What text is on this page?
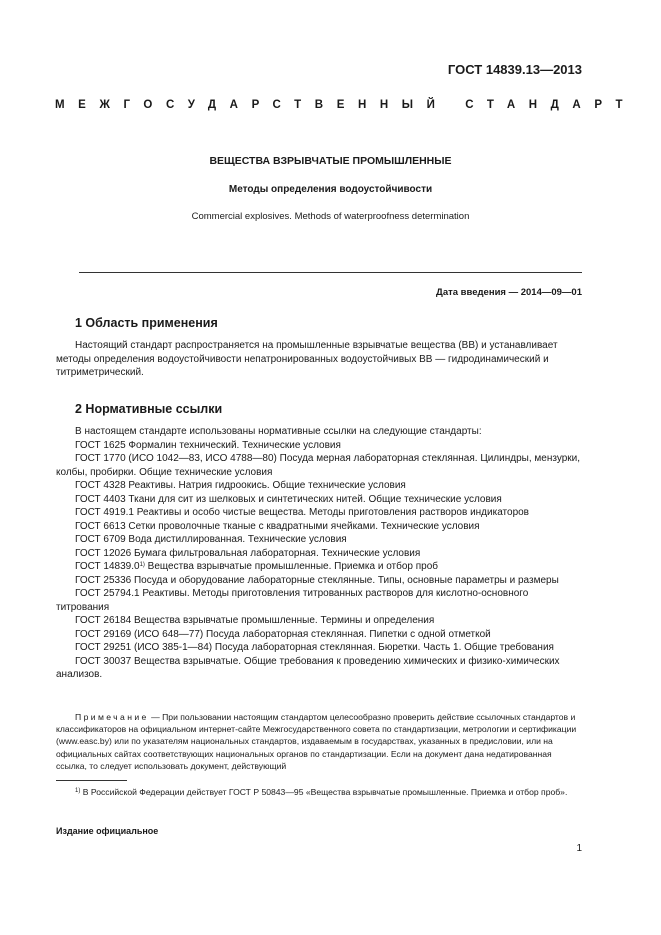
ГОСТ 14839.13—2013
МЕЖГОСУДАРСТВЕННЫЙ СТАНДАРТ

ВЕЩЕСТВА ВЗРЫВЧАТЫЕ ПРОМЫШЛЕННЫЕ

Методы определения водоустойчивости

Commercial explosives. Methods of waterproofness determination

Дата введения — 2014—09—01
1 Область применения

Настоящий стандарт распространяется на промышленные взрывчатые вещества (ВВ) и устанавливает методы определения водоустойчивости непатронированных водоустойчивых ВВ — гидродинамический и титриметрический.

2 Нормативные ссылки

В настоящем стандарте использованы нормативные ссылки на следующие стандарты:

ГОСТ 1625 Формалин технический. Технические условия

ГОСТ 1770 (ИСО 1042—83, ИСО 4788—80) Посуда мерная лабораторная стеклянная. Цилиндры, мензурки, колбы, пробирки. Общие технические условия

ГОСТ 4328 Реактивы. Натрия гидроокись. Общие технические условия

ГОСТ 4403 Ткани для сит из шелковых и синтетических нитей. Общие технические условия

ГОСТ 4919.1 Реактивы и особо чистые вещества. Методы приготовления растворов индикаторов

ГОСТ 6613 Сетки проволочные тканые с квадратными ячейками. Технические условия

ГОСТ 6709 Вода дистиллированная. Технические условия

ГОСТ 12026 Бумага фильтровальная лабораторная. Технические условия

ГОСТ 14839.0$^{1)}$ Вещества взрывчатые промышленные. Приемка и отбор проб

ГОСТ 25336 Посуда и оборудование лабораторные стеклянные. Типы, основные параметры и размеры

ГОСТ 25794.1 Реактивы. Методы приготовления титрованных растворов для кислотно-основного титрования

ГОСТ 26184 Вещества взрывчатые промышленные. Термины и определения

ГОСТ 29169 (ИСО 648—77) Посуда лабораторная стеклянная. Пипетки с одной отметкой

ГОСТ 29251 (ИСО 385-1—84) Посуда лабораторная стеклянная. Бюретки. Часть 1. Общие требования

ГОСТ 30037 Вещества взрывчатые. Общие требования к проведению химических и физико-химических анализов.

Примечание — При пользовании настоящим стандартом целесообразно проверить действие ссылочных стандартов и классификаторов на официальном интернет-сайте Межгосударственного совета по стандартизации, метрологии и сертификации (www.easc.by) или по указателям национальных стандартов, издаваемым в государствах, указанных в предисловии, или на официальных сайтах соответствующих национальных органов по стандартизации. Если на документ дана недатированная ссылка, то следует использовать документ, действующий

$^{1)}$ В Российской Федерации действует ГОСТ Р 50843—95 «Вещества взрывчатые промышленные. Приемка и отбор проб».

Издание официальное
1
